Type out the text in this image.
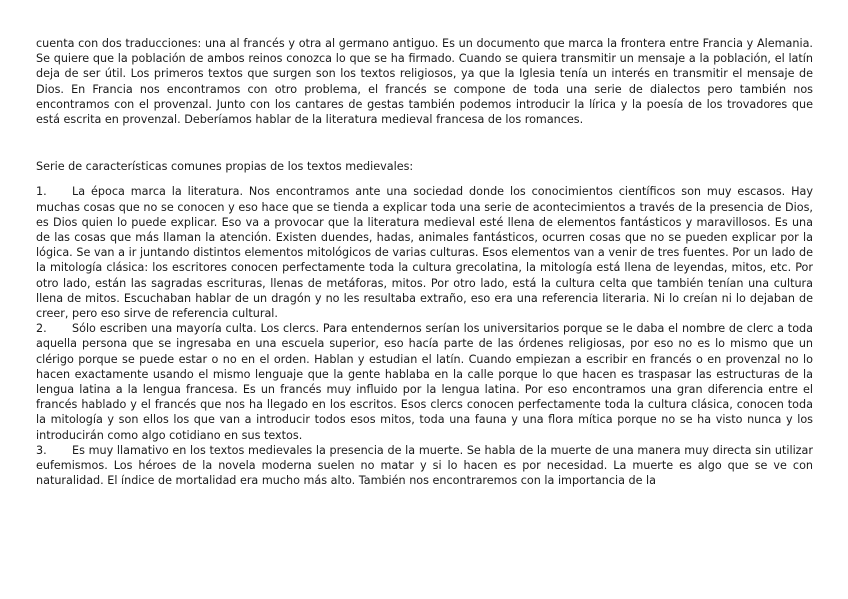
cuenta con dos traducciones: una al francés y otra al germano antiguo. Es un documento que marca la frontera entre Francia y Alemania. Se quiere que la población de ambos reinos conozca lo que se ha firmado. Cuando se quiera transmitir un mensaje a la población, el latín deja de ser útil. Los primeros textos que surgen son los textos religiosos, ya que la Iglesia tenía un interés en transmitir el mensaje de Dios. En Francia nos encontramos con otro problema, el francés se compone de toda una serie de dialectos pero también nos encontramos con el provenzal. Junto con los cantares de gestas también podemos introducir la lírica y la poesía de los trovadores que está escrita en provenzal. Deberíamos hablar de la literatura medieval francesa de los romances.

Serie de características comunes propias de los textos medievales:

1. La época marca la literatura. Nos encontramos ante una sociedad donde los conocimientos científicos son muy escasos. Hay muchas cosas que no se conocen y eso hace que se tienda a explicar toda una serie de acontecimientos a través de la presencia de Dios, es Dios quien lo puede explicar. Eso va a provocar que la literatura medieval esté llena de elementos fantásticos y maravillosos. Es una de las cosas que más llaman la atención. Existen duendes, hadas, animales fantásticos, ocurren cosas que no se pueden explicar por la lógica. Se van a ir juntando distintos elementos mitológicos de varias culturas. Esos elementos van a venir de tres fuentes. Por un lado de la mitología clásica: los escritores conocen perfectamente toda la cultura grecolatina, la mitología está llena de leyendas, mitos, etc. Por otro lado, están las sagradas escrituras, llenas de metáforas, mitos. Por otro lado, está la cultura celta que también tenían una cultura llena de mitos. Escuchaban hablar de un dragón y no les resultaba extraño, eso era una referencia literaria. Ni lo creían ni lo dejaban de creer, pero eso sirve de referencia cultural.
2. Sólo escriben una mayoría culta. Los clercs. Para entendernos serían los universitarios porque se le daba el nombre de clerc a toda aquella persona que se ingresaba en una escuela superior, eso hacía parte de las órdenes religiosas, por eso no es lo mismo que un clérigo porque se puede estar o no en el orden. Hablan y estudian el latín. Cuando empiezan a escribir en francés o en provenzal no lo hacen exactamente usando el mismo lenguaje que la gente hablaba en la calle porque lo que hacen es traspasar las estructuras de la lengua latina a la lengua francesa. Es un francés muy influido por la lengua latina. Por eso encontramos una gran diferencia entre el francés hablado y el francés que nos ha llegado en los escritos. Esos clercs conocen perfectamente toda la cultura clásica, conocen toda la mitología y son ellos los que van a introducir todos esos mitos, toda una fauna y una flora mítica porque no se ha visto nunca y los introducirán como algo cotidiano en sus textos.
3. Es muy llamativo en los textos medievales la presencia de la muerte. Se habla de la muerte de una manera muy directa sin utilizar eufemismos. Los héroes de la novela moderna suelen no matar y si lo hacen es por necesidad. La muerte es algo que se ve con naturalidad. El índice de mortalidad era mucho más alto. También nos encontraremos con la importancia de la
